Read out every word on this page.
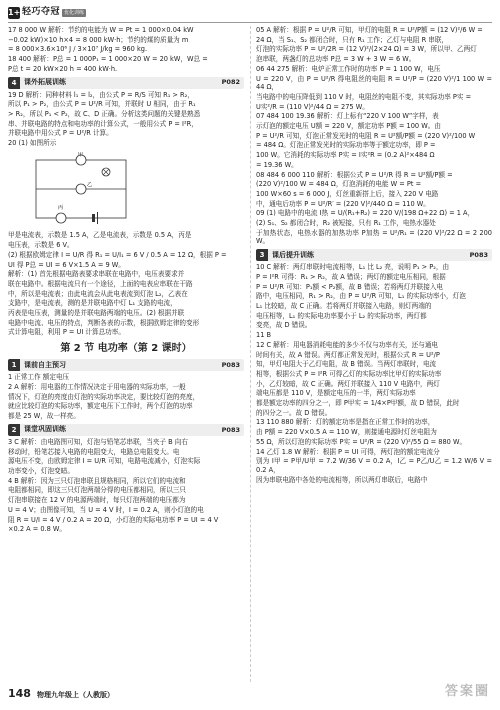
1+1
轻巧夺冠 优化训练

17 8 000 W 解析：节约的电能为 W = Pt = 1 000×0.04 kW

−0.02 kW)×10 h×4 = 8 000 kW·h；节约的煤的质量为 m

= 8 000×3.6×10⁶ J / 3×10⁷ J/kg = 960 kg.

18 400 解析：P总 = 1 000P₁ = 1 000×20 W = 20 kW，W总 =

P总 t = 20 kW×20 h = 400 kW·h.

4	课外拓展训练	P082

19 D 解析：同种材料 l₁ = l₂，由公式 P = R/S 可知 R₁ > R₂，

所以 P₁ > P₂，由公式 P = U²/R 可知，并联时 U 相同，由于 R₁

> R₂，所以 P₁ < P₂，故 C、D 正确。分析这类问题的关键是熟悉

串、并联电路的特点和电功率的计算公式，一般用公式 P = I²R，

并联电路中用公式 P = U²/R 计算。

20 (1) 如图所示

甲
乙
丙

甲是电流表，示数是 1.5 A，乙是电流表，示数是 0.5 A，丙是

电压表，示数是 6 V。

(2) 根据欧姆定律 I = U/R 得 R₁ = U/I₁ = 6 V / 0.5 A = 12 Ω，根据 P =

UI 得 P总 = UI = 6 V×1.5 A = 9 W。

解析：(1) 首先根据电路表要求串联在电路中，电压表要求并

联在电路中。根据电流只有一个途径，上面的电表应串联在干路

中，所以是电流表；由此电流会从此电表流到灯泡 L₂，乙表在

支路中，是电流表，测的是并联电路中灯 L₁ 支路的电流，

丙表是电压表，测量的是并联电路两端的电压。(2) 根据并联

电路中电流、电压的特点，判断各表的示数，根据欧姆定律的变形

式计算电阻，利用 P = UI 计算总功率。

第 2 节 电功率（第 2 课时）
1	课前自主预习	P083

1 正常工作 额定电压

2 A 解析：用电器的工作情况决定于用电器的实际功率，一般

情况下，灯泡的亮度由灯泡的实际功率决定，要比较灯泡的亮度，

就应比较灯泡的实际功率，额定电压下工作时，两个灯泡的功率

都是 25 W，故一样亮。

2	课堂巩固训练	P083

3 C 解析：由电路图可知，灯泡与铅笔芯串联，当夹子 B 向右

移动时，铅笔芯接入电路的电阻变大，电路总电阻变大。电

源电压不变，由欧姆定律 I = U/R 可知，电路电流减小，灯泡实际

功率变小，灯泡变暗。

4 B 解析：因为三只灯泡串联且规格相同，所以它们的电流和

电阻都相同，即这三只灯泡两端分得的电压都相同，所以三只

灯泡串联接在 12 V 的电源两端时，每只灯泡两端的电压都为

U = 4 V；由图像可知，当 U = 4 V 时，I = 0.2 A，则小灯泡的电

阻 R = U/I = 4 V / 0.2 A = 20 Ω，小灯泡的实际电功率 P = UI = 4 V

×0.2 A = 0.8 W。

05 A 解析：根据 P = U²/R 可知，甲灯的电阻 R = U²/P额 = (12 V)²/6 W =

24 Ω，当 S₁、S₂ 都闭合时，只有 R₁ 工作；乙灯与电阻 R 串联，

灯泡的实际功率 P = U²/2R = (12 V)²/(2×24 Ω) = 3 W，所以甲、乙两灯

泡串联，两盏灯的总功率 P总 = 3 W + 3 W = 6 W。

06 44 275 解析：电炉正常工作时的功率 P = 1 100 W，电压

U = 220 V，由 P = U²/R 得电阻丝的电阻 R = U²/P = (220 V)²/1 100 W = 44 Ω，

当电路中的电压降低到 110 V 时，电阻丝的电阻不变，其实际功率 P实 =

U实²/R = (110 V)²/44 Ω = 275 W。

07 484 100 19.36 解析：灯上标有“220 V 100 W”字样，表

示灯泡的额定电压 U额 = 220 V，额定功率 P额 = 100 W。由

P = U²/R 可知，灯泡正常发光时的电阻 R = U²额/P额 = (220 V)²/100 W

= 484 Ω。灯泡正常发光时的实际功率等于额定功率，即 P =

100 W。它消耗的实际功率 P实 = I实²R = (0.2 A)²×484 Ω

= 19.36 W。

08 484 6 000 110 解析：根据公式 P = U²/R 得 R = U²额/P额 =

(220 V)²/100 W = 484 Ω，灯泡消耗的电能 W = Pt =

100 W×60 s = 6 000 J，灯丝重新搭上后，接入 220 V 电路

中，通电后功率 P = U²/R′ = (220 V)²/440 Ω = 110 W。

09 (1) 电路中的电流 I热 = U/(R₁+R₂) = 220 V/(198 Ω+22 Ω) = 1 A，

(2) S₁、S₂ 都闭合时，R₂ 被短接，只有 R₁ 工作，电热水器处

于加热状态，电热水器的加热功率 P加热 = U²/R₁ = (220 V)²/22 Ω = 2 200 W。

3	课后提升训练	P083

10 C 解析：两灯串联时电流相等，L₁ 比 L₂ 亮，说明 P₁ > P₂，由

P = I²R 可得：R₁ > R₂，故 A 错误；两灯的额定电压相同，根据

P = U²/R 可知：P₁额 < P₂额，故 B 错误；若将两灯并联接入电

路中，电压相同，R₁ > R₂，由 P = U²/R 可知，L₁ 的实际功率小，灯泡

L₁ 比较暗，故 C 正确。若将两灯并联接入电路，则灯两端的

电压相等，L₁ 的实际电功率要小于 L₂ 的实际功率，两灯都

变亮，故 D 错误。

11 B

12 C 解析：用电器消耗电能的多少不仅与功率有关，还与通电

时间有关，故 A 错误。两灯都正常发光时，根据公式 R = U²/P

知，甲灯电阻大于乙灯电阻，故 B 错误。当两灯串联时，电流

相等，根据公式 P = I²R 可得乙灯的实际功率比甲灯的实际功率

小，乙灯较暗，故 C 正确。两灯并联接入 110 V 电路中，两灯

端电压都是 110 V，是额定电压的一半，两灯实际功率

都是额定功率的四分之一，即 P甲实 = 1/4×P甲额，故 D 错误，此时

的四分之一。故 D 错误。

13 110 880 解析：灯的额定功率是指在正常工作时的功率，

由 P额 = 220 V×0.5 A = 110 W，则接通电源时灯丝电阻为

55 Ω，所以灯泡的实际功率 P实 = U²/R = (220 V)²/55 Ω = 880 W。

14 乙灯 1.8 W 解析：根据 P = UI 可得，两灯泡的额定电流分

别为 I甲 = P甲/U甲 = 7.2 W/36 V = 0.2 A，I乙 = P乙/U乙 = 1.2 W/6 V = 0.2 A，

因为串联电路中各处的电流相等，所以两灯串联后，电路中

148 物理九年级上（人教版）	答案圈
